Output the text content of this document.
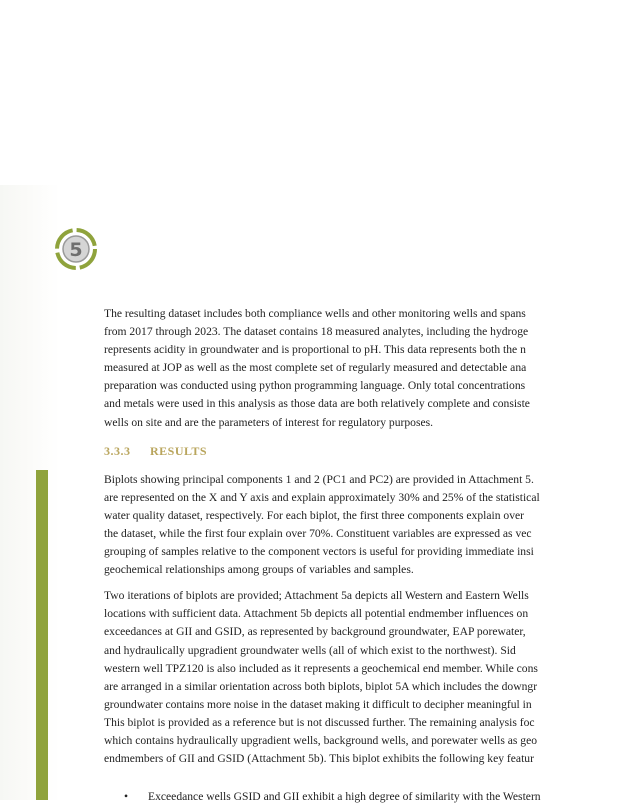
5
The resulting dataset includes both compliance wells and other monitoring wells and spans
from 2017 through 2023. The dataset contains 18 measured analytes, including the hydroge
represents acidity in groundwater and is proportional to pH. This data represents both the n
measured at JOP as well as the most complete set of regularly measured and detectable ana
preparation was conducted using python programming language. Only total concentrations
and metals were used in this analysis as those data are both relatively complete and consiste
wells on site and are the parameters of interest for regulatory purposes.
3.3.3 RESULTS
Biplots showing principal components 1 and 2 (PC1 and PC2) are provided in Attachment 5.
are represented on the X and Y axis and explain approximately 30% and 25% of the statistical
water quality dataset, respectively. For each biplot, the first three components explain over
the dataset, while the first four explain over 70%. Constituent variables are expressed as vec
grouping of samples relative to the component vectors is useful for providing immediate insi
geochemical relationships among groups of variables and samples.
Two iterations of biplots are provided; Attachment 5a depicts all Western and Eastern Wells
locations with sufficient data. Attachment 5b depicts all potential endmember influences on
exceedances at GII and GSID, as represented by background groundwater, EAP porewater,
and hydraulically upgradient groundwater wells (all of which exist to the northwest). Sid
western well TPZ120 is also included as it represents a geochemical end member. While cons
are arranged in a similar orientation across both biplots, biplot 5A which includes the downgr
groundwater contains more noise in the dataset making it difficult to decipher meaningful in
This biplot is provided as a reference but is not discussed further. The remaining analysis foc
which contains hydraulically upgradient wells, background wells, and porewater wells as geo
endmembers of GII and GSID (Attachment 5b). This biplot exhibits the following key featur
• Exceedance wells GSID and GII exhibit a high degree of similarity with the Western
